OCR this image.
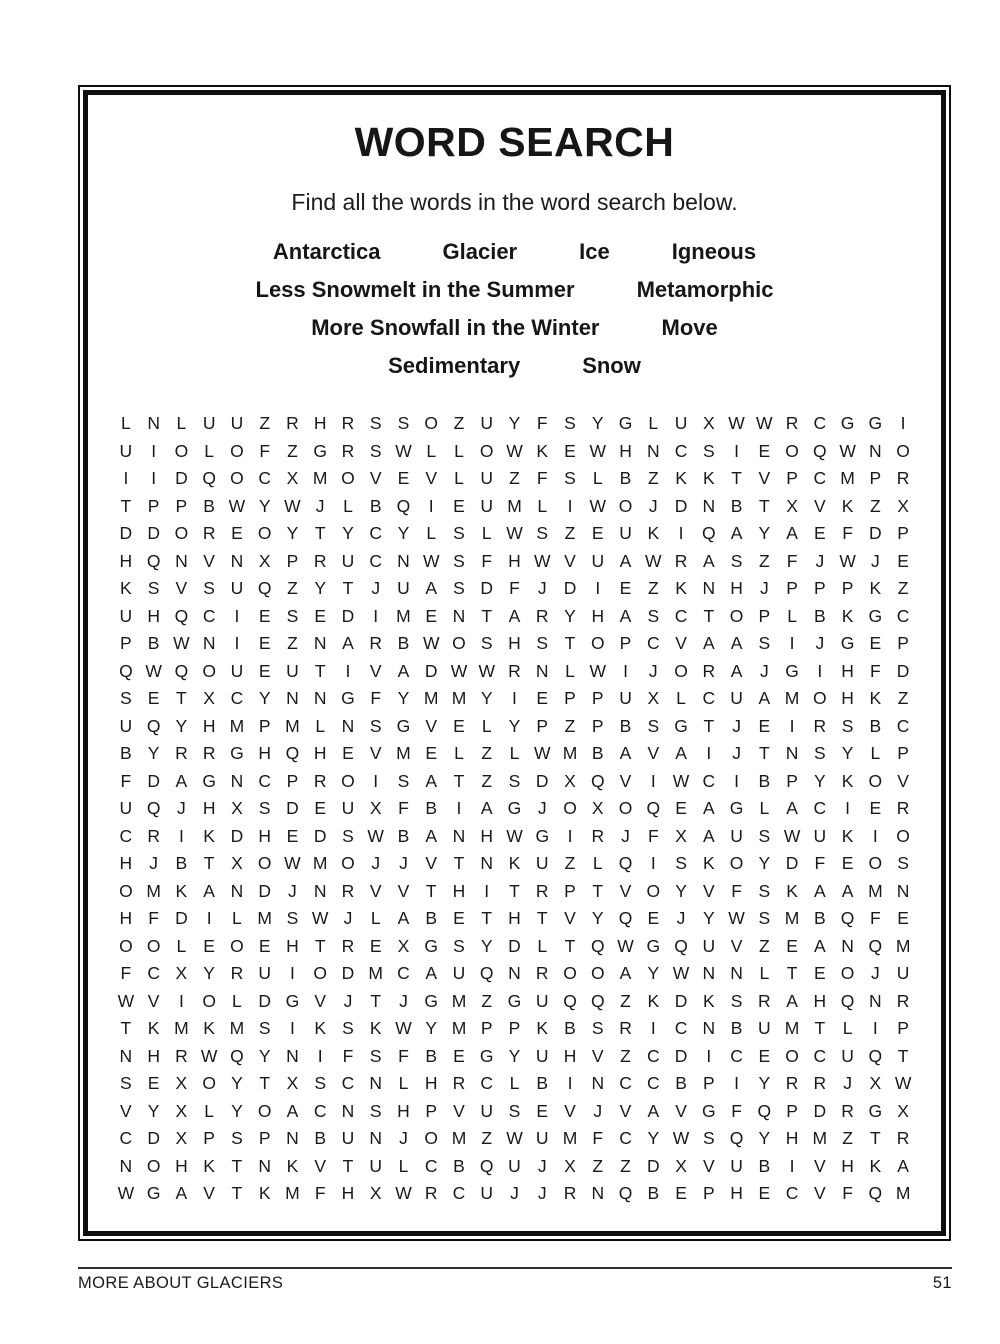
WORD SEARCH
Find all the words in the word search below.
Antarctica	Glacier	Ice	Igneous
Less Snowmelt in the Summer	Metamorphic
More Snowfall in the Winter	Move
Sedimentary	Snow
L N L U U Z R H R S S O Z U Y F S Y G L U X W W R C G G	I
U	I	O L O F Z G R S W L	L O W K E W H N C S	I	E O Q W N O
I	I	D Q O C X M O V E V L U Z F S L B Z K K T V P C M P R
T P P B W Y W J	L B Q	I	E U M L	I W O J D N B T X V K Z X
D D O R E O Y T Y C Y L S L W S Z E U K	I	Q A Y A E F D P
H Q N V N X P R U C N W S F H W V U A W R A S Z F	J W J	E
K S V S U Q Z Y T	J U A S D F	J D	I	E Z K N H J	P P P K Z
U H Q C	I	E S E D	I	M E N T A R Y H A S C T O P L B K G C
P B W N	I	E Z N A R B W O S H S T O P C V A A S	I	J G E P
Q W Q O U E U T	I	V A D W W R N L W I	J O R A	J G	I	H F D
S E T X C Y N N G F Y M M Y	I	E P P U X L C U A M O H K Z
U Q Y H M P M L N S G V E L Y P Z P B S G T	J	E	I	R S B C
B Y R R G H Q H E V M E L	Z	L W M B A V A	I	J	T N S Y L P
F D A G N C P R O	I	S A T Z S D X Q V	I W C	I	B P Y K O V
U Q J H X S D E U X F B	I	A G J O X O Q E A G L A C	I	E R
C R	I	K D H E D S W B A N H W G	I	R J	F X A U S W U K	I	O
H J	B T X O W M O J	J	V T N K U Z	L Q	I	S K O Y D F E O S
O M K A N D J N R V V T H	I	T R P T V O Y V F S K A A M N
H F D	I	L M S W J	L A B E T H T V Y Q E	J	Y W S M B Q F E
O O L E O E H T R E X G S Y D L	T Q W G Q U V Z E A N Q M
F C X Y R U	I	O D M C A U Q N R O O A Y W N N L	T E O J U
W V	I	O L D G V	J	T	J G M Z G U Q Q Z K D K S R A H Q N R
T K M K M S	I	K S K W Y M P P K B S R	I	C N B U M T	L	I	P
N H R W Q Y N	I	F S F B E G Y U H V Z C D	I	C E O C U Q T
S E X O Y T X S C N L H R C L B	I	N C C B P	I	Y R R J	X W
V Y X L Y O A C N S H P V U S E V	J	V A V G F Q P D R G X
C D X P S P N B U N J O M Z W U M F C Y W S Q Y H M Z T R
N O H K T N K V T U L C B Q U J	X Z Z D X V U B	I	V H K A
W G A V T K M F H X W R C U J	J R N Q B E P H E C V F Q M
MORE ABOUT GLACIERS	51
